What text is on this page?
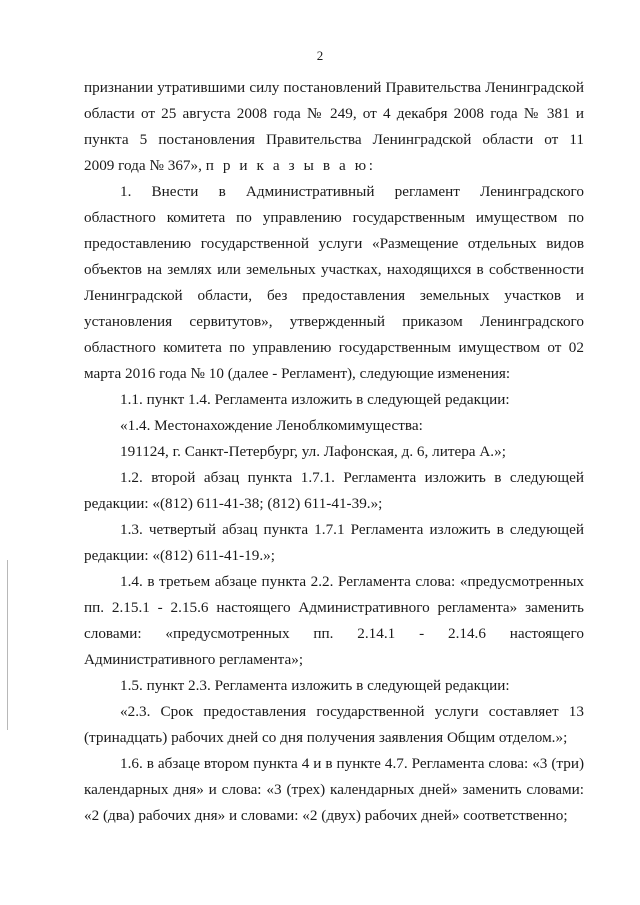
2
признании утратившими силу постановлений Правительства Ленинградской
области от 25 августа 2008 года № 249, от 4 декабря 2008 года № 381 и
пункта 5 постановления Правительства Ленинградской области от 11
2009 года № 367», п р и к а з ы в а ю:
1. Внести в Административный регламент Ленинградского
областного комитета по управлению государственным имуществом по
предоставлению государственной услуги «Размещение отдельных видов
объектов на землях или земельных участках, находящихся в собственности
Ленинградской области, без предоставления земельных участков и
установления сервитутов», утвержденный приказом Ленинградского
областного комитета по управлению государственным имуществом от 02
марта 2016 года № 10 (далее - Регламент), следующие изменения:
1.1. пункт 1.4. Регламента изложить в следующей редакции:
«1.4. Местонахождение Леноблкомимущества:
191124, г. Санкт-Петербург, ул. Лафонская, д. 6, литера А.»;
1.2. второй абзац пункта 1.7.1. Регламента изложить в следующей
редакции: «(812) 611-41-38; (812) 611-41-39.»;
1.3. четвертый абзац пункта 1.7.1 Регламента изложить в следующей
редакции: «(812) 611-41-19.»;
1.4. в третьем абзаце пункта 2.2. Регламента слова: «предусмотренных
пп. 2.15.1 - 2.15.6 настоящего Административного регламента» заменить
словами: «предусмотренных пп. 2.14.1 - 2.14.6 настоящего
Административного регламента»;
1.5. пункт 2.3. Регламента изложить в следующей редакции:
«2.3. Срок предоставления государственной услуги составляет 13
(тринадцать) рабочих дней со дня получения заявления Общим отделом.»;
1.6. в абзаце втором пункта 4 и в пункте 4.7. Регламента слова: «3 (три)
календарных дня» и слова: «3 (трех) календарных дней» заменить словами:
«2 (два) рабочих дня» и словами: «2 (двух) рабочих дней» соответственно;
